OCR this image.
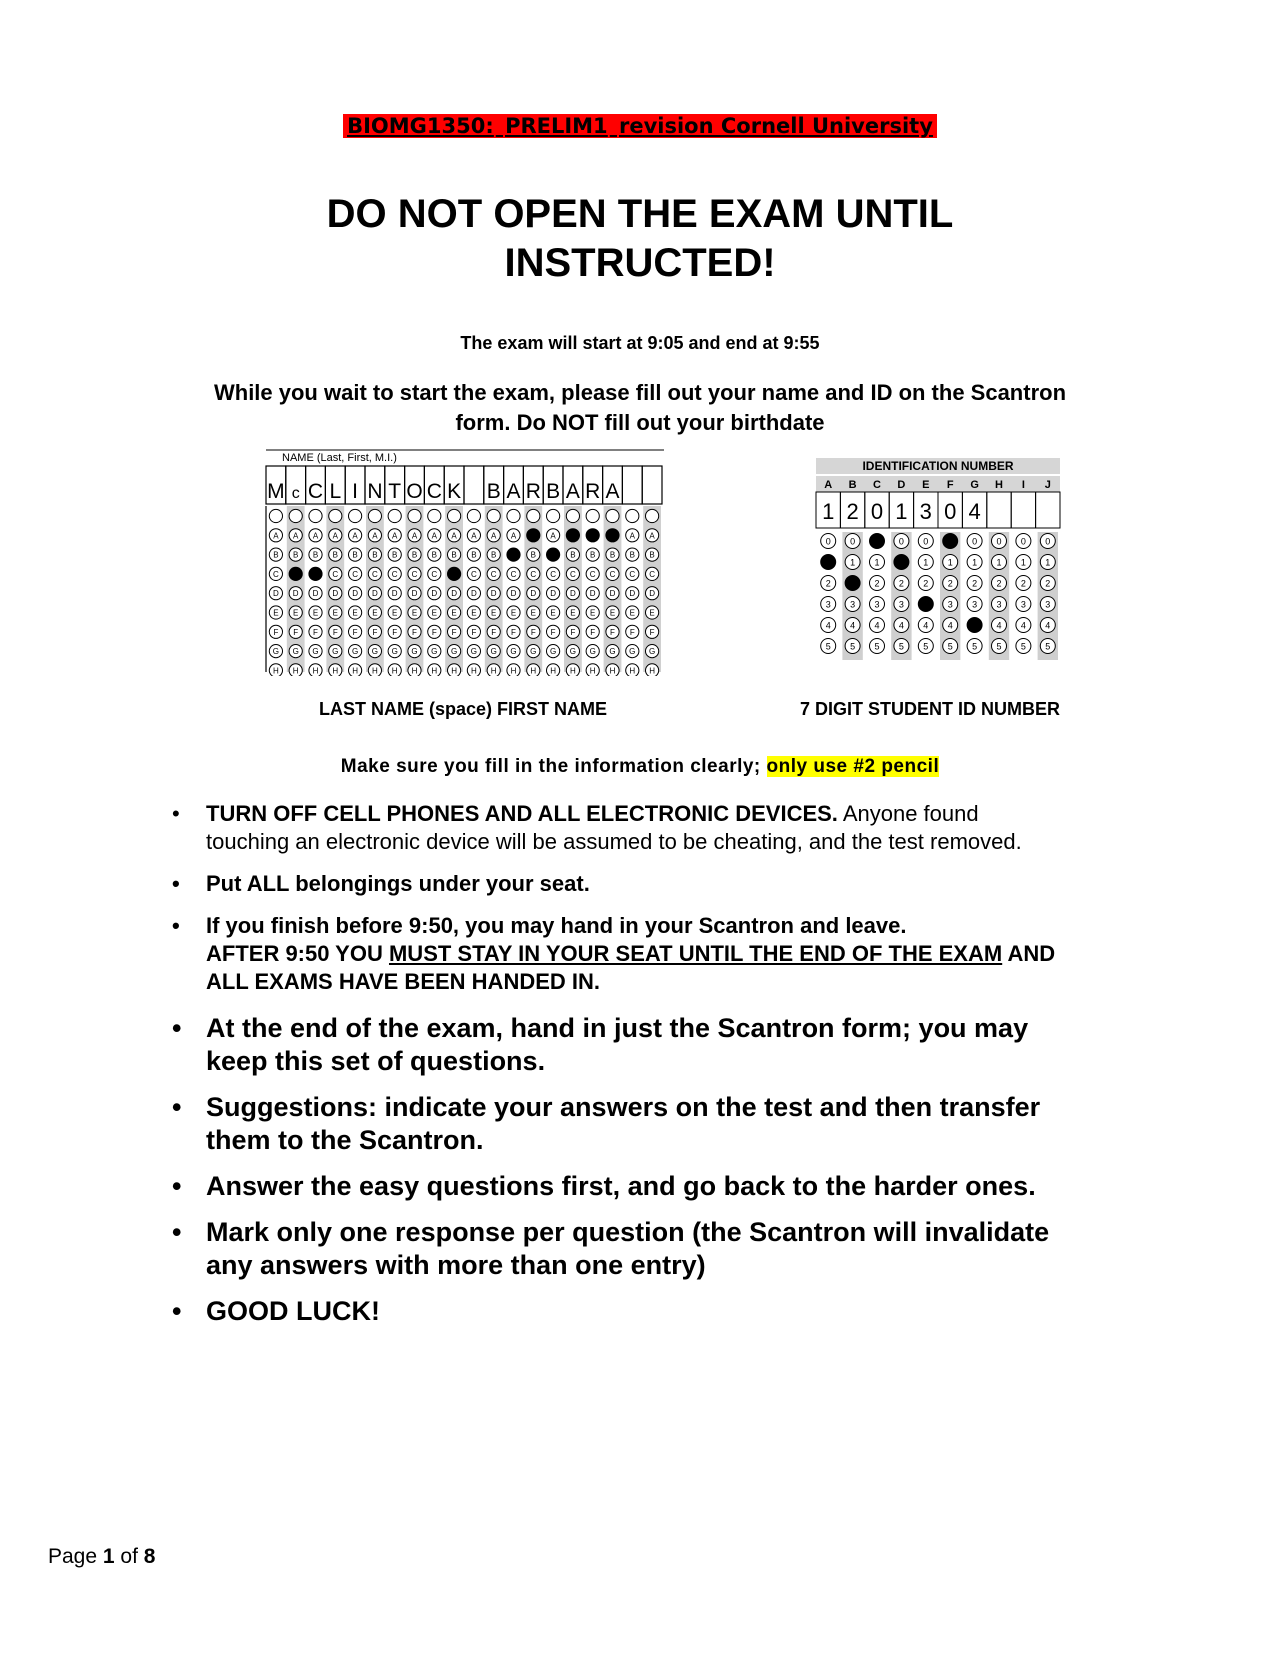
BIOMG1350: PRELIM1 revision Cornell University
DO NOT OPEN THE EXAM UNTIL
INSTRUCTED!
The exam will start at 9:05 and end at 9:55
While you wait to start the exam, please fill out your name and ID on the Scantron
form. Do NOT fill out your birthdate
NAME (Last, First, M.I.)
M
A
B
C
D
E
F
G
H
c
A
B
D
E
F
G
H
C
A
B
D
E
F
G
H
L
A
B
C
D
E
F
G
H
I
A
B
C
D
E
F
G
H
N
A
B
C
D
E
F
G
H
T
A
B
C
D
E
F
G
H
O
A
B
C
D
E
F
G
H
C
A
B
C
D
E
F
G
H
K
A
B
D
E
F
G
H
A
B
C
D
E
F
G
H
B
A
B
C
D
E
F
G
H
A
A
C
D
E
F
G
H
R
B
C
D
E
F
G
H
B
A
C
D
E
F
G
H
A
B
C
D
E
F
G
H
R
B
C
D
E
F
G
H
A
B
C
D
E
F
G
H
A
B
C
D
E
F
G
H
A
B
C
D
E
F
G
H
IDENTIFICATION NUMBER
A
1
0
2
3
4
5
B
2
0
1
3
4
5
C
0
1
2
3
4
5
D
1
0
2
3
4
5
E
3
0
1
2
4
5
F
0
1
2
3
4
5
G
4
0
1
2
3
5
H
0
1
2
3
4
5
I
0
1
2
3
4
5
J
0
1
2
3
4
5
LAST NAME (space) FIRST NAME	7 DIGIT STUDENT ID NUMBER
Make sure you fill in the information clearly; only use #2 pencil
• TURN OFF CELL PHONES AND ALL ELECTRONIC DEVICES. Anyone found touching an electronic device will be assumed to be cheating, and the test removed.
• Put ALL belongings under your seat.
• If you finish before 9:50, you may hand in your Scantron and leave.
AFTER 9:50 YOU MUST STAY IN YOUR SEAT UNTIL THE END OF THE EXAM AND ALL EXAMS HAVE BEEN HANDED IN.
• At the end of the exam, hand in just the Scantron form; you may keep this set of questions.
• Suggestions: indicate your answers on the test and then transfer them to the Scantron.
• Answer the easy questions first, and go back to the harder ones.
• Mark only one response per question (the Scantron will invalidate any answers with more than one entry)
• GOOD LUCK!
Page 1 of 8
